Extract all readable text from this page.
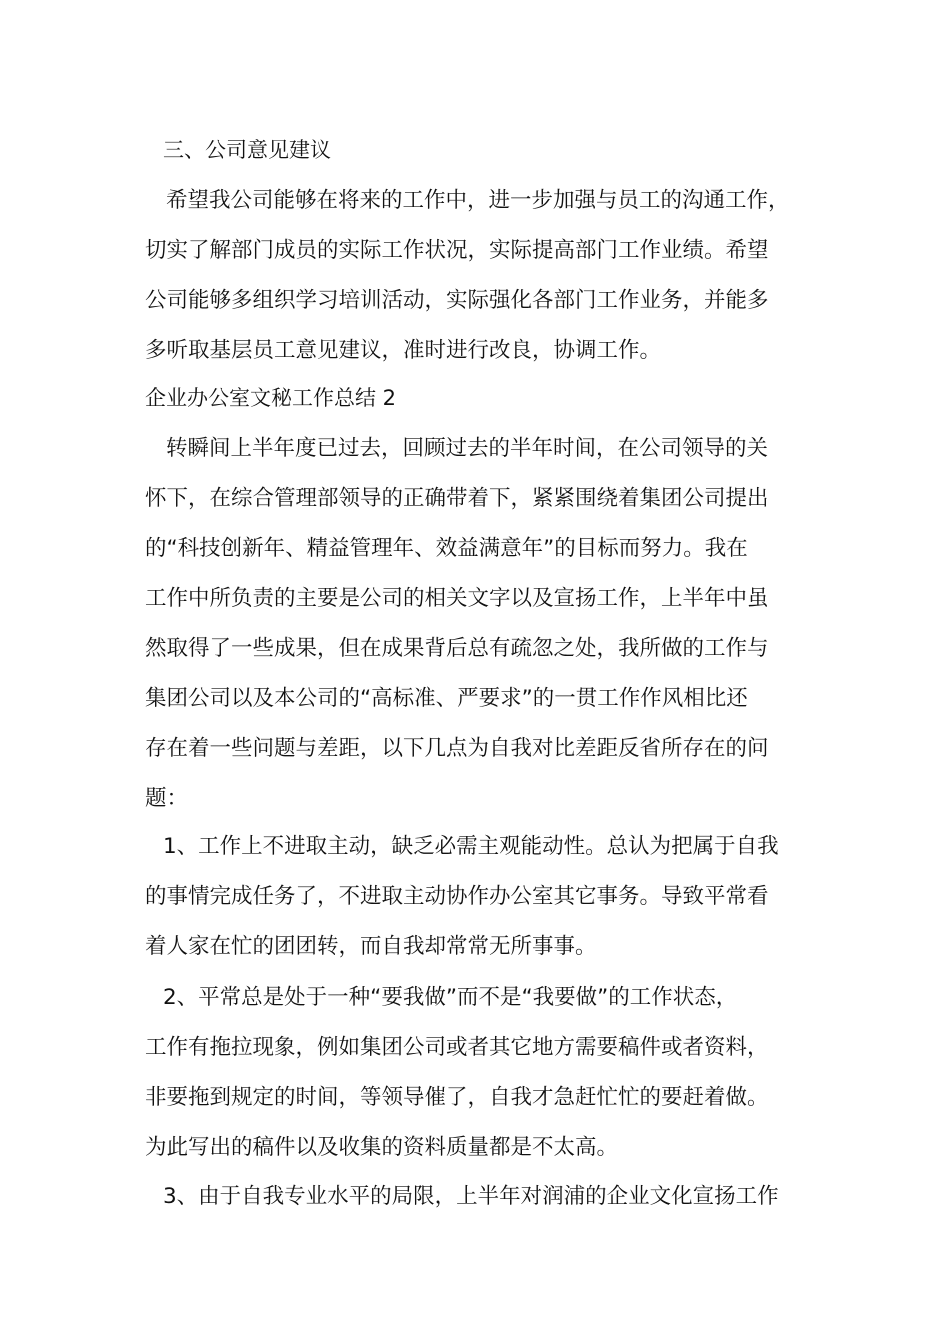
三、公司意见建议
希望我公司能够在将来的工作中，进一步加强与员工的沟通工作，
切实了解部门成员的实际工作状况，实际提高部门工作业绩。希望
公司能够多组织学习培训活动，实际强化各部门工作业务，并能多
多听取基层员工意见建议，准时进行改良，协调工作。
企业办公室文秘工作总结 2
转瞬间上半年度已过去，回顾过去的半年时间，在公司领导的关
怀下，在综合管理部领导的正确带着下，紧紧围绕着集团公司提出
的“科技创新年、精益管理年、效益满意年”的目标而努力。我在
工作中所负责的主要是公司的相关文字以及宣扬工作，上半年中虽
然取得了一些成果，但在成果背后总有疏忽之处，我所做的工作与
集团公司以及本公司的“高标准、严要求”的一贯工作作风相比还
存在着一些问题与差距，以下几点为自我对比差距反省所存在的问
题：
1、工作上不进取主动，缺乏必需主观能动性。总认为把属于自我
的事情完成任务了，不进取主动协作办公室其它事务。导致平常看
着人家在忙的团团转，而自我却常常无所事事。
2、平常总是处于一种“要我做”而不是“我要做”的工作状态，
工作有拖拉现象，例如集团公司或者其它地方需要稿件或者资料，
非要拖到规定的时间，等领导催了，自我才急赶忙忙的要赶着做。
为此写出的稿件以及收集的资料质量都是不太高。
3、由于自我专业水平的局限，上半年对润浦的企业文化宣扬工作
